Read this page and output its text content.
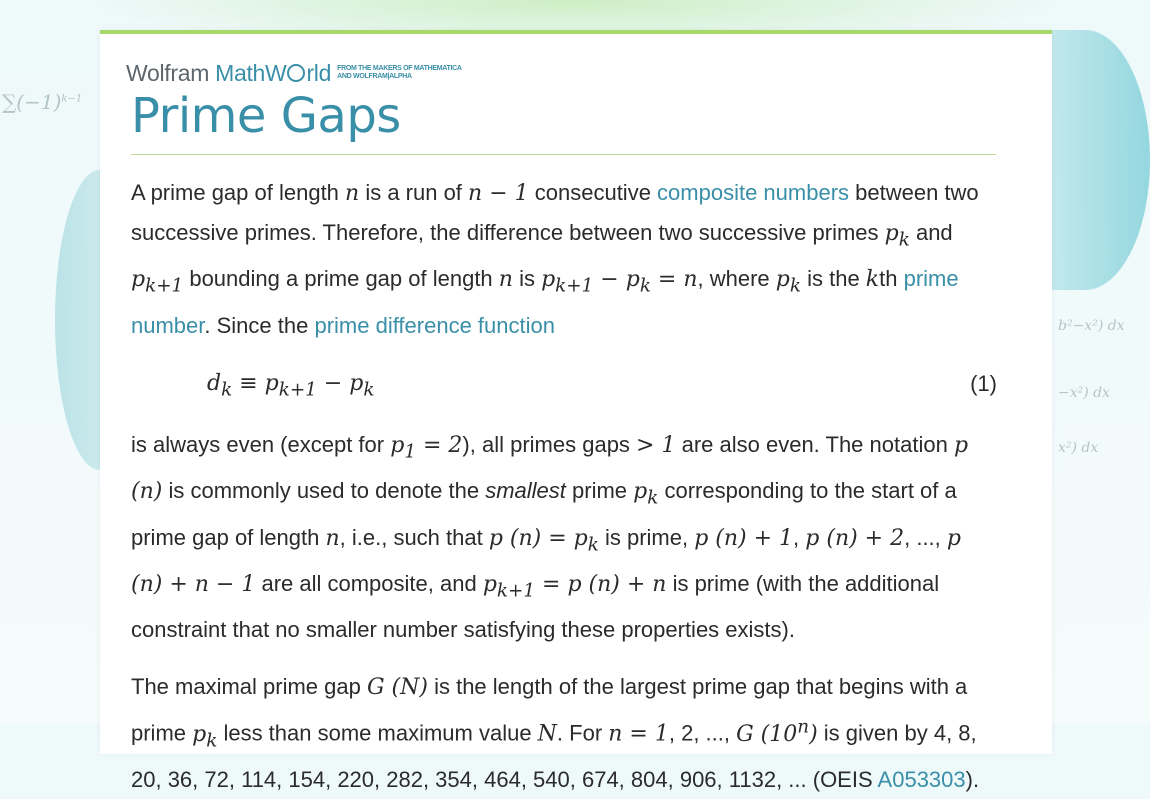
$\sum(-1)^{k-1}$
b²−x²) dx
−x²) dx
x²) dx
Wolfram MathW rld FROM THE MAKERS OF MATHEMATICA
AND WOLFRAM|ALPHA
Prime Gaps

A prime gap of length n is a run of n − 1 consecutive composite numbers between two successive primes. Therefore, the difference between two successive primes $p_k$ and $p_{k+1}$ bounding a prime gap of length n is $p_{k+1} - p_k = n$, where $p_k$ is the kth prime number. Since the prime difference function

$d_k \equiv p_{k+1} - p_k$	(1)

is always even (except for $p_1 = 2$), all primes gaps > 1 are also even. The notation p (n) is commonly used to denote the smallest prime $p_k$ corresponding to the start of a prime gap of length n, i.e., such that p $(n) = p_k$ is prime, p (n) + 1, p (n) + 2, ..., p (n) + n − 1 are all composite, and $p_{k+1} = p$ (n) + n is prime (with the additional constraint that no smaller number satisfying these properties exists).

The maximal prime gap G (N) is the length of the largest prime gap that begins with a prime $p_k$ less than some maximum value N. For n = 1, 2, ..., G (10$^n$) is given by 4, 8, 20, 36, 72, 114, 154, 220, 282, 354, 464, 540, 674, 804, 906, 1132, ... (OEIS A053303).
